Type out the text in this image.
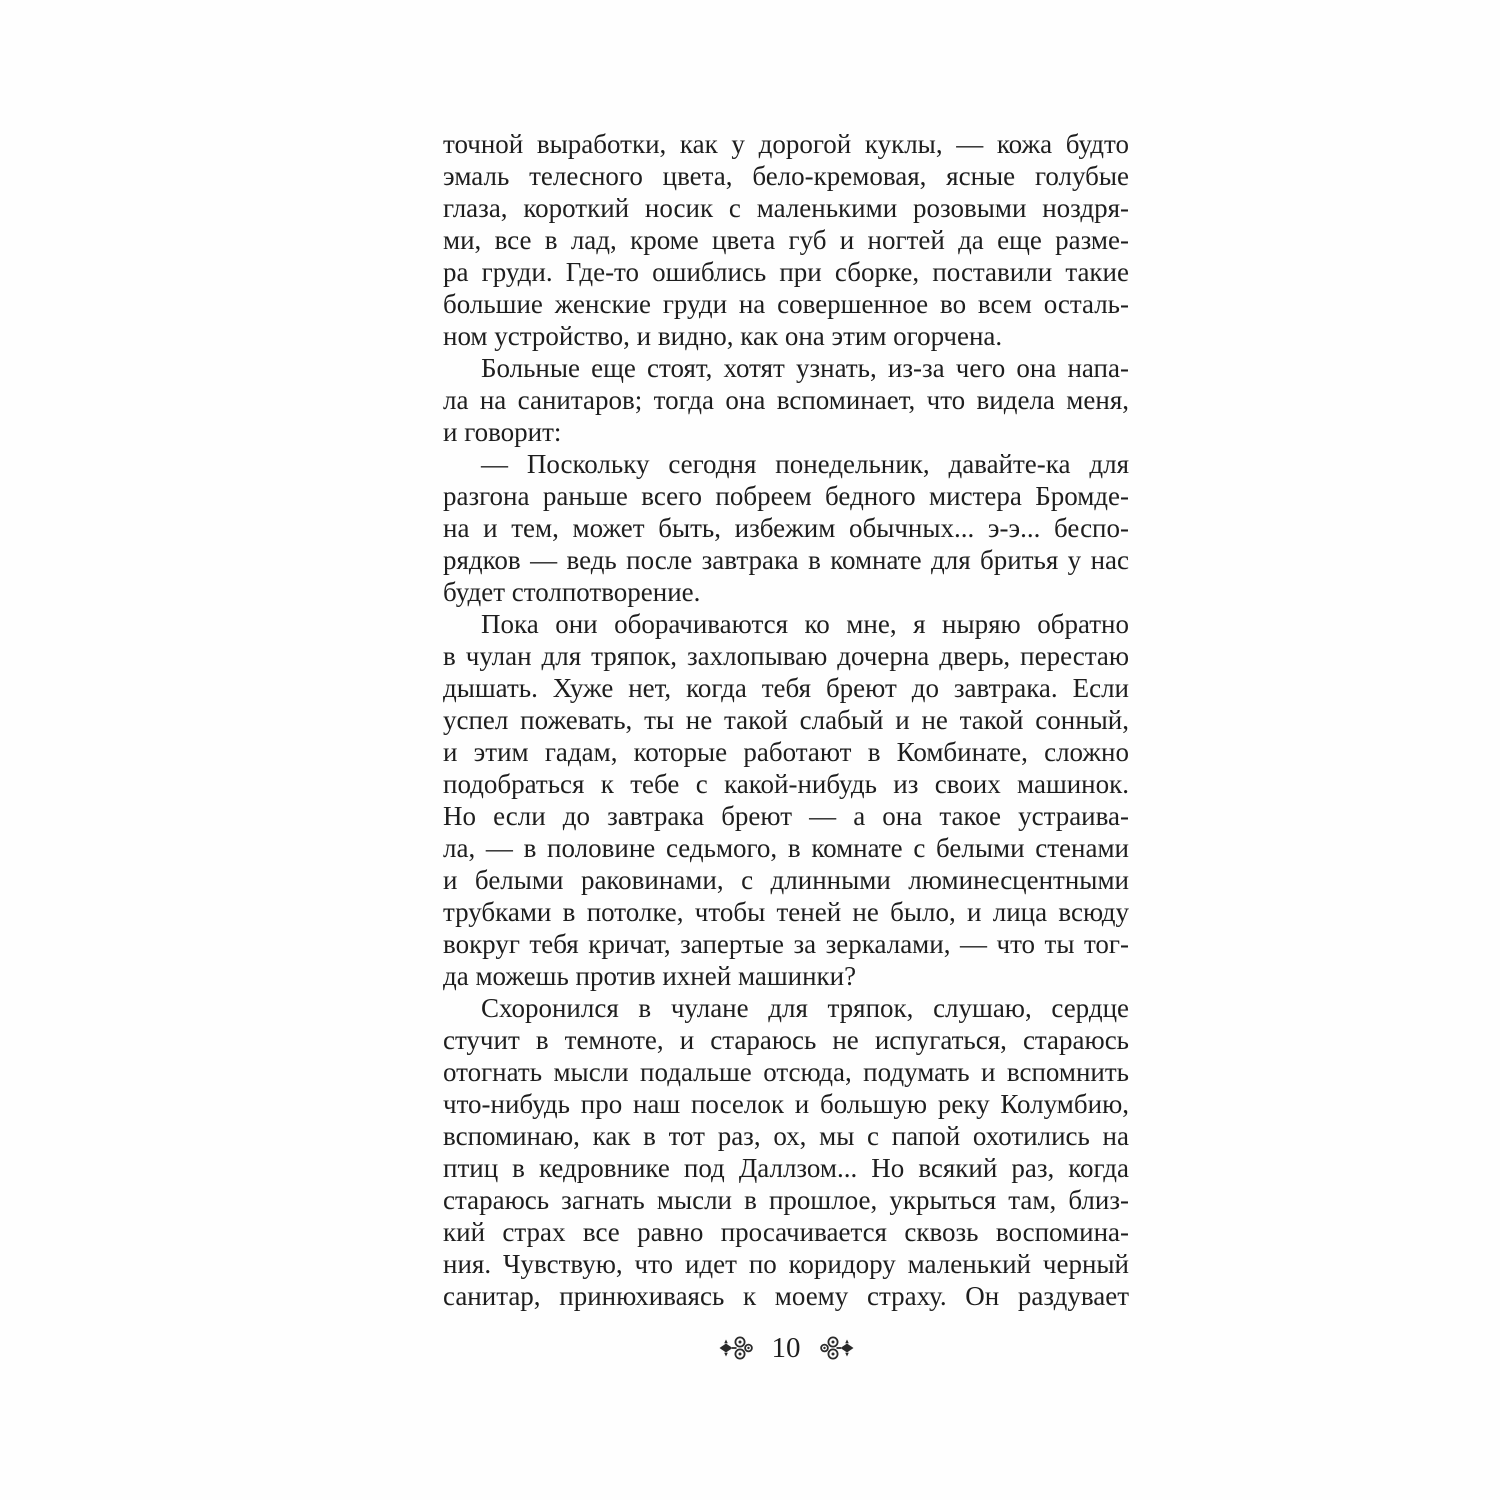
точной выработки, как у дорогой куклы, — кожа будто
эмаль телесного цвета, бело-кремовая, ясные голубые
глаза, короткий носик с маленькими розовыми ноздря-
ми, все в лад, кроме цвета губ и ногтей да еще разме-
ра груди. Где-то ошиблись при сборке, поставили такие
большие женские груди на совершенное во всем осталь-
ном устройство, и видно, как она этим огорчена.
Больные еще стоят, хотят узнать, из-за чего она напа-
ла на санитаров; тогда она вспоминает, что видела меня,
и говорит:
— Поскольку сегодня понедельник, давайте-ка для
разгона раньше всего побреем бедного мистера Бромде-
на и тем, может быть, избежим обычных... э-э... беспо-
рядков — ведь после завтрака в комнате для бритья у нас
будет столпотворение.
Пока они оборачиваются ко мне, я ныряю обратно
в чулан для тряпок, захлопываю дочерна дверь, перестаю
дышать. Хуже нет, когда тебя бреют до завтрака. Если
успел пожевать, ты не такой слабый и не такой сонный,
и этим гадам, которые работают в Комбинате, сложно
подобраться к тебе с какой-нибудь из своих машинок.
Но если до завтрака бреют — а она такое устраива-
ла, — в половине седьмого, в комнате с белыми стенами
и белыми раковинами, с длинными люминесцентными
трубками в потолке, чтобы теней не было, и лица всюду
вокруг тебя кричат, запертые за зеркалами, — что ты тог-
да можешь против ихней машинки?
Схоронился в чулане для тряпок, слушаю, сердце
стучит в темноте, и стараюсь не испугаться, стараюсь
отогнать мысли подальше отсюда, подумать и вспомнить
что-нибудь про наш поселок и большую реку Колумбию,
вспоминаю, как в тот раз, ох, мы с папой охотились на
птиц в кедровнике под Даллзом... Но всякий раз, когда
стараюсь загнать мысли в прошлое, укрыться там, близ-
кий страх все равно просачивается сквозь воспомина-
ния. Чувствую, что идет по коридору маленький черный
санитар, принюхиваясь к моему страху. Он раздувает
10
